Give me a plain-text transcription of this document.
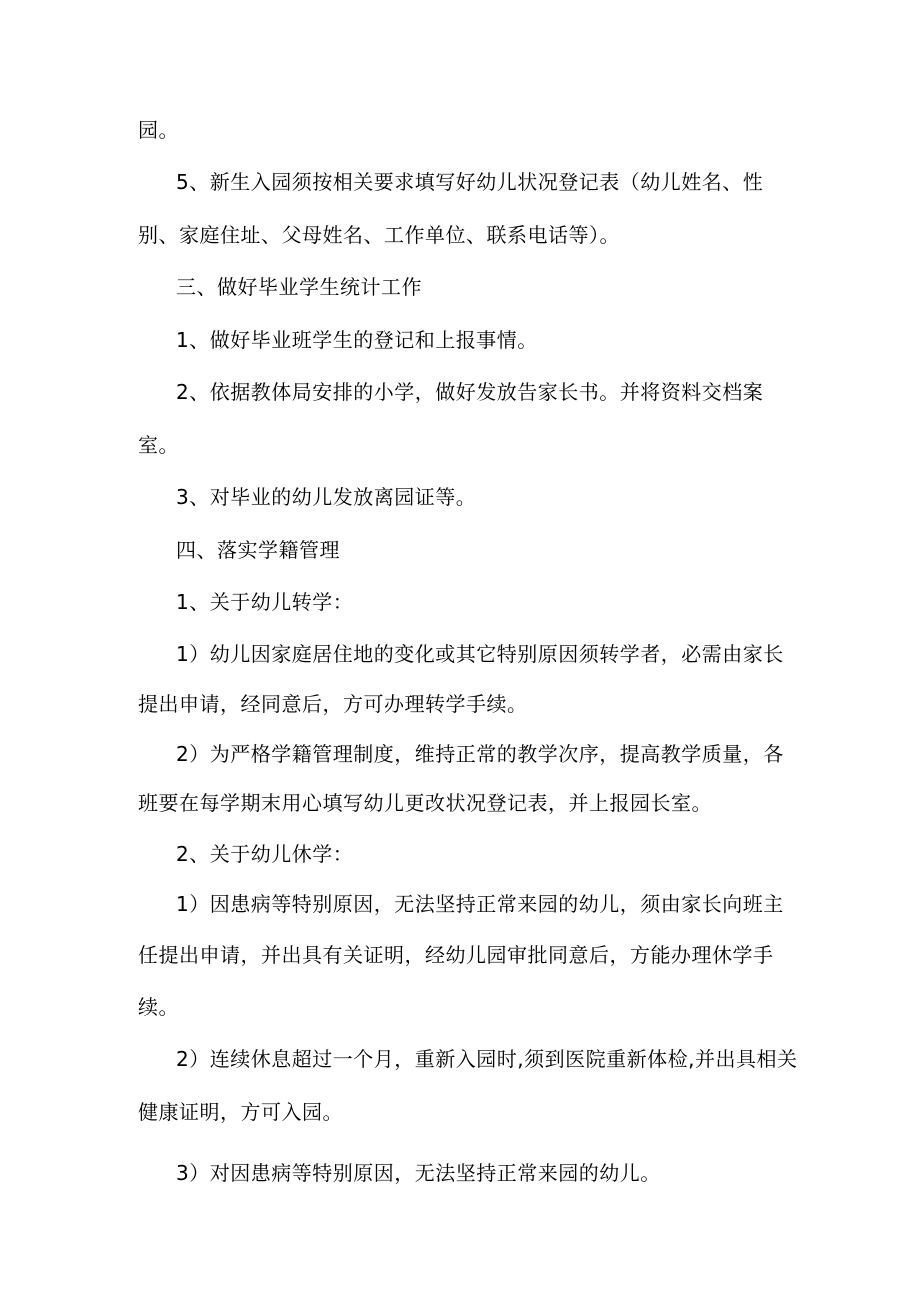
园。
5、新生入园须按相关要求填写好幼儿状况登记表（幼儿姓名、性
别、家庭住址、父母姓名、工作单位、联系电话等）。
三、做好毕业学生统计工作
1、做好毕业班学生的登记和上报事情。
2、依据教体局安排的小学，做好发放告家长书。并将资料交档案
室。
3、对毕业的幼儿发放离园证等。
四、落实学籍管理
1、关于幼儿转学：
1）幼儿因家庭居住地的变化或其它特别原因须转学者，必需由家长
提出申请，经同意后，方可办理转学手续。
2）为严格学籍管理制度，维持正常的教学次序，提高教学质量，各
班要在每学期末用心填写幼儿更改状况登记表，并上报园长室。
2、关于幼儿休学：
1）因患病等特别原因，无法坚持正常来园的幼儿，须由家长向班主
任提出申请，并出具有关证明，经幼儿园审批同意后，方能办理休学手
续。
2）连续休息超过一个月，重新入园时,须到医院重新体检,并出具相关
健康证明，方可入园。
3）对因患病等特别原因，无法坚持正常来园的幼儿。
